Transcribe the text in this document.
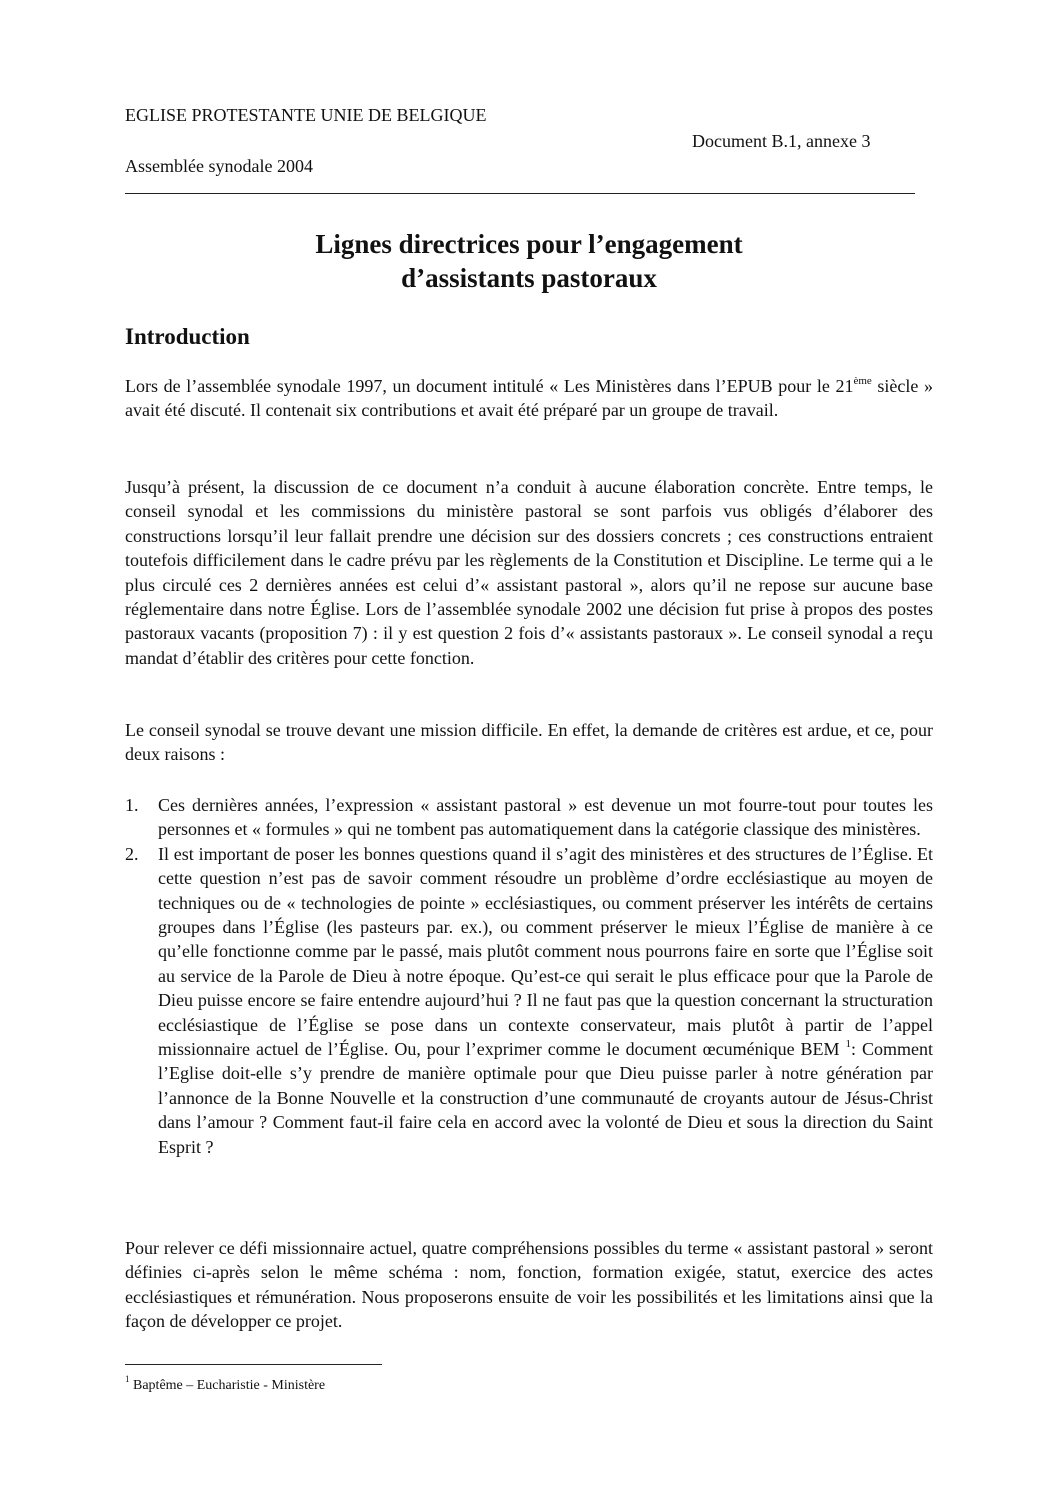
EGLISE PROTESTANTE UNIE DE BELGIQUE
Document B.1, annexe 3
Assemblée synodale 2004
Lignes directrices pour l’engagement
d’assistants pastoraux
Introduction

Lors de l’assemblée synodale 1997, un document intitulé « Les Ministères dans l’EPUB pour le 21ème siècle » avait été discuté. Il contenait six contributions et avait été préparé par un groupe de travail.

Jusqu’à présent, la discussion de ce document n’a conduit à aucune élaboration concrète. Entre temps, le conseil synodal et les commissions du ministère pastoral se sont parfois vus obligés d’élaborer des constructions lorsqu’il leur fallait prendre une décision sur des dossiers concrets ; ces constructions entraient toutefois difficilement dans le cadre prévu par les règlements de la Constitution et Discipline. Le terme qui a le plus circulé ces 2 dernières années est celui d’« assistant pastoral », alors qu’il ne repose sur aucune base réglementaire dans notre Église. Lors de l’assemblée synodale 2002 une décision fut prise à propos des postes pastoraux vacants (proposition 7) : il y est question 2 fois d’« assistants pastoraux ». Le conseil synodal a reçu mandat d’établir des critères pour cette fonction.

Le conseil synodal se trouve devant une mission difficile. En effet, la demande de critères est ardue, et ce, pour deux raisons :

1. Ces dernières années, l’expression « assistant pastoral » est devenue un mot fourre-tout pour toutes les personnes et « formules » qui ne tombent pas automatiquement dans la catégorie classique des ministères.
2. Il est important de poser les bonnes questions quand il s’agit des ministères et des structures de l’Église. Et cette question n’est pas de savoir comment résoudre un problème d’ordre ecclésiastique au moyen de techniques ou de « technologies de pointe » ecclésiastiques, ou comment préserver les intérêts de certains groupes dans l’Église (les pasteurs par. ex.), ou comment préserver le mieux l’Église de manière à ce qu’elle fonctionne comme par le passé, mais plutôt comment nous pourrons faire en sorte que l’Église soit au service de la Parole de Dieu à notre époque. Qu’est-ce qui serait le plus efficace pour que la Parole de Dieu puisse encore se faire entendre aujourd’hui ? Il ne faut pas que la question concernant la structuration ecclésiastique de l’Église se pose dans un contexte conservateur, mais plutôt à partir de l’appel missionnaire actuel de l’Église. Ou, pour l’exprimer comme le document œcuménique BEM $^1$: Comment l’Eglise doit-elle s’y prendre de manière optimale pour que Dieu puisse parler à notre génération par l’annonce de la Bonne Nouvelle et la construction d’une communauté de croyants autour de Jésus-Christ dans l’amour ? Comment faut-il faire cela en accord avec la volonté de Dieu et sous la direction du Saint Esprit ?

Pour relever ce défi missionnaire actuel, quatre compréhensions possibles du terme « assistant pastoral » seront définies ci-après selon le même schéma : nom, fonction, formation exigée, statut, exercice des actes ecclésiastiques et rémunération. Nous proposerons ensuite de voir les possibilités et les limitations ainsi que la façon de développer ce projet.

$^1$ Baptême – Eucharistie - Ministère
